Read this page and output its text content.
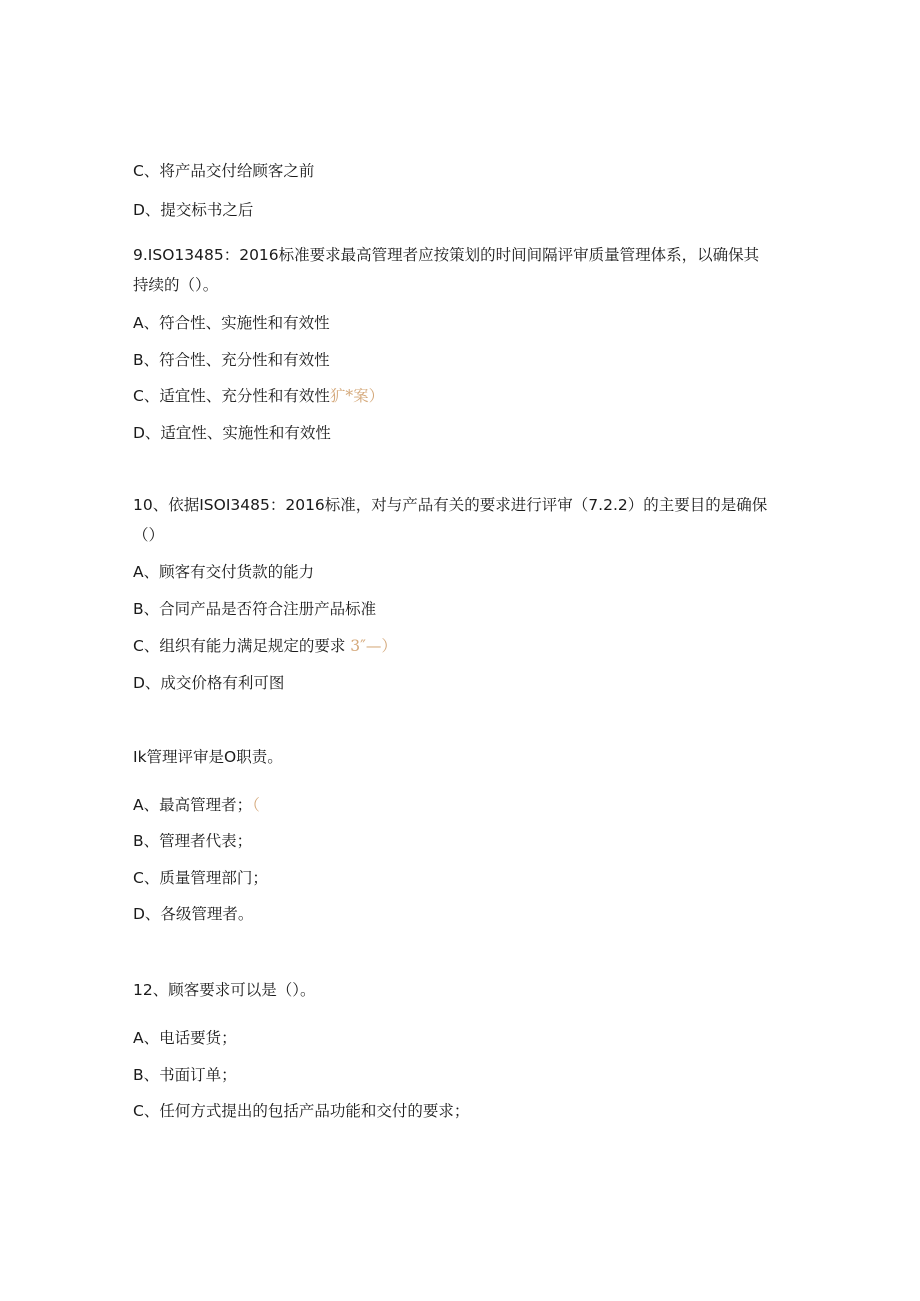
C、将产品交付给顾客之前
D、提交标书之后
9.ISO13485：2016标准要求最高管理者应按策划的时间间隔评审质量管理体系，以确保其持续的（）。
A、符合性、实施性和有效性
B、符合性、充分性和有效性
C、适宜性、充分性和有效性犷*案）
D、适宜性、实施性和有效性
10、依据ISOI3485：2016标准，对与产品有关的要求进行评审（7.2.2）的主要目的是确保（）
A、顾客有交付货款的能力
B、合同产品是否符合注册产品标准
C、组织有能力满足规定的要求 3″—）
D、成交价格有利可图
Ik管理评审是O职责。
A、最高管理者；（
B、管理者代表；
C、质量管理部门；
D、各级管理者。
12、顾客要求可以是（）。
A、电话要货；
B、书面订单；
C、任何方式提出的包括产品功能和交付的要求；
